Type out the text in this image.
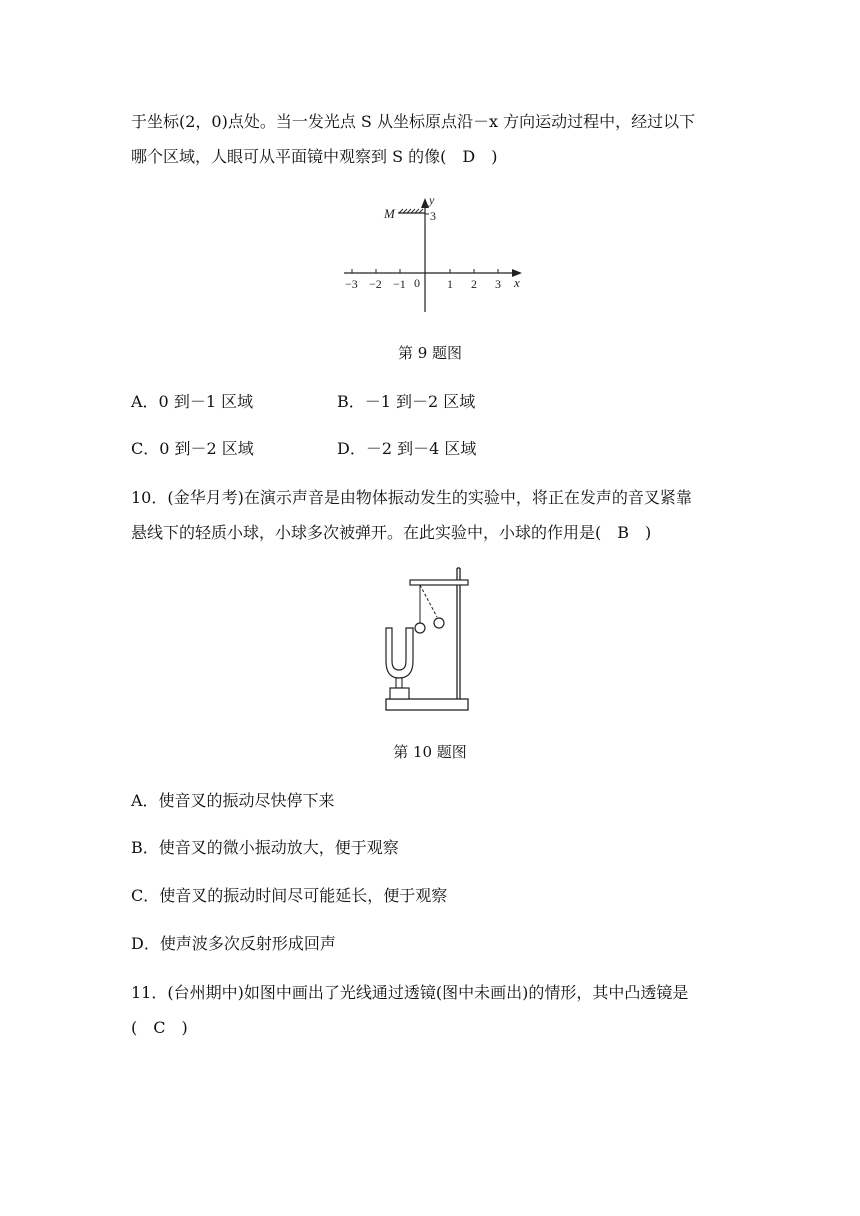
于坐标(2，0)点处。当一发光点 S 从坐标原点沿－x 方向运动过程中，经过以下
哪个区域，人眼可从平面镜中观察到 S 的像(　D　)
M
y
3
x
0
−3 −2 −1	1 2 3
第 9 题图
A．0 到－1 区域	B．－1 到－2 区域
C．0 到－2 区域	D．－2 到－4 区域
10．(金华月考)在演示声音是由物体振动发生的实验中，将正在发声的音叉紧靠
悬线下的轻质小球，小球多次被弹开。在此实验中，小球的作用是(　B　)
第 10 题图
A．使音叉的振动尽快停下来
B．使音叉的微小振动放大，便于观察
C．使音叉的振动时间尽可能延长，便于观察
D．使声波多次反射形成回声
11．(台州期中)如图中画出了光线通过透镜(图中未画出)的情形，其中凸透镜是
(　C　)
